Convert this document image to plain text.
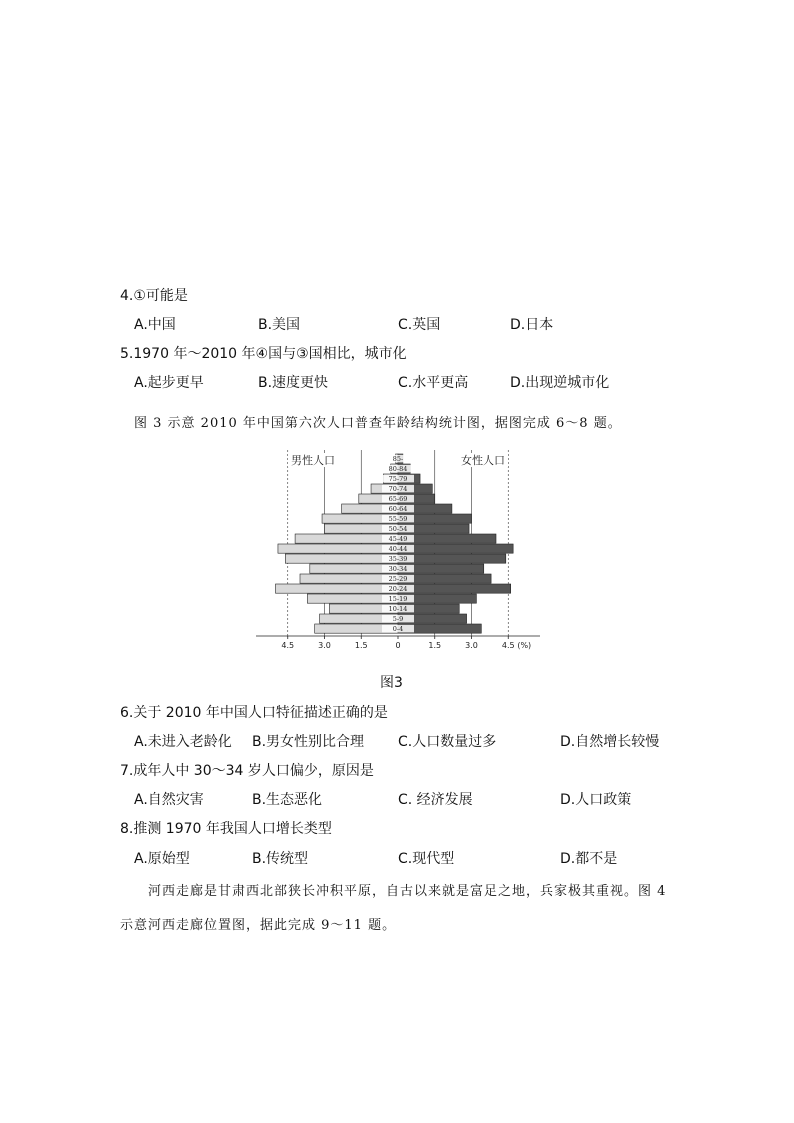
4.①可能是
A.中国	B.美国	C.英国	D.日本
5.1970 年～2010 年④国与③国相比，城市化
A.起步更早	B.速度更快	C.水平更高	D.出现逆城市化
图 3 示意 2010 年中国第六次人口普查年龄结构统计图，据图完成 6～8 题。
85-
80-84
75-79
70-74
65-69
60-64
55-59
50-54
45-49
40-44
35-39
30-34
25-29
20-24
15-19
10-14
5-9
0-4
男性人口	女性人口
4.5	3.0	1.5	0	1.5	3.0	4.5 (%)
图3
6.关于 2010 年中国人口特征描述正确的是
A.未进入老龄化 B.男女性别比合理 C.人口数量过多	D.自然增长较慢
7.成年人中 30～34 岁人口偏少，原因是
A.自然灾害	B.生态恶化	C. 经济发展	D.人口政策
8.推测 1970 年我国人口增长类型
A.原始型	B.传统型	C.现代型	D.都不是
河西走廊是甘肃西北部狭长冲积平原，自古以来就是富足之地，兵家极其重视。图 4 示意河西走廊位置图，据此完成 9～11 题。
